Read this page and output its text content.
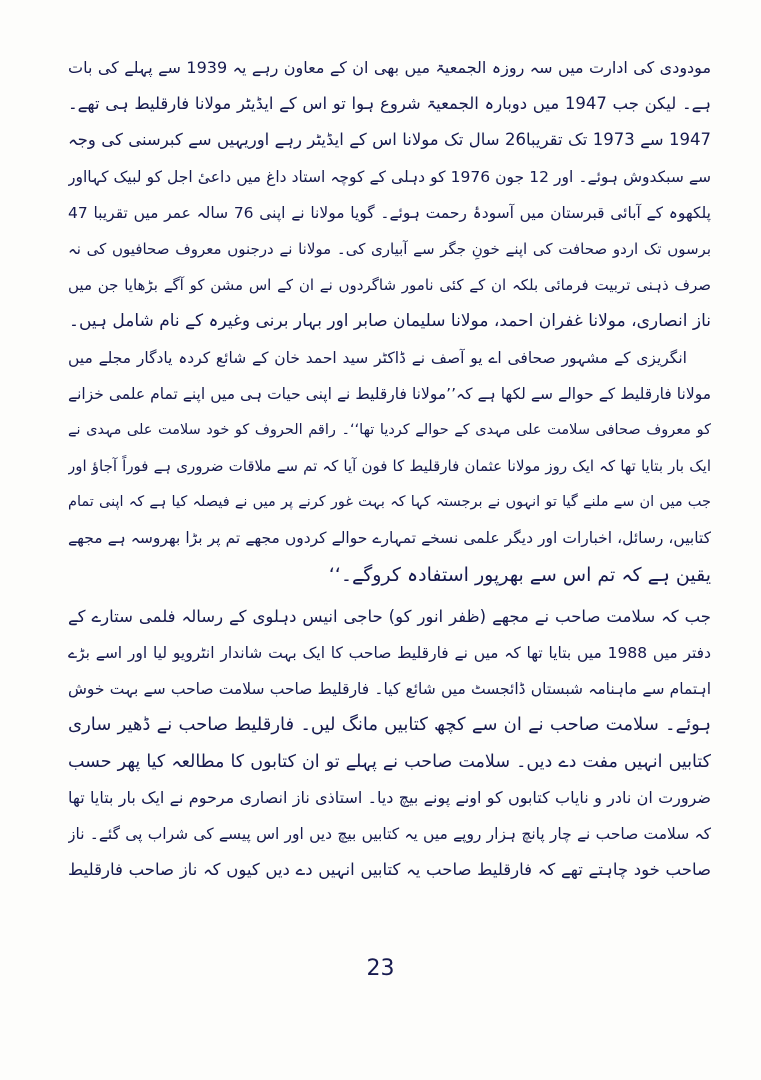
مودودی کی ادارت میں سہ روزہ الجمعیۃ میں بھی ان کے معاون رہے یہ 1939 سے پہلے کی بات
ہے۔ لیکن جب 1947 میں دوبارہ الجمعیۃ شروع ہوا تو اس کے ایڈیٹر مولانا فارقلیط ہی تھے۔
1947 سے 1973 تک تقریبا26 سال تک مولانا اس کے ایڈیٹر رہے اوریہیں سے کبرسنی کی وجہ
سے سبکدوش ہوئے۔ اور 12 جون 1976 کو دہلی کے کوچہ استاد داغ میں داعیٔ اجل کو لبیک کہااور
پلکھوہ کے آبائی قبرستان میں آسودۂ رحمت ہوئے۔ گویا مولانا نے اپنی 76 سالہ عمر میں تقریبا 47
برسوں تک اردو صحافت کی اپنے خونِ جگر سے آبیاری کی۔ مولانا نے درجنوں معروف صحافیوں کی نہ
صرف ذہنی تربیت فرمائی بلکہ ان کے کئی نامور شاگردوں نے ان کے اس مشن کو آگے بڑھایا جن میں
ناز انصاری، مولانا غفران احمد، مولانا سلیمان صابر اور بہار برنی وغیرہ کے نام شامل ہیں۔
انگریزی کے مشہور صحافی اے یو آصف نے ڈاکٹر سید احمد خان کے شائع کردہ یادگار مجلے میں
مولانا فارقلیط کے حوالے سے لکھا ہے کہ’’مولانا فارقلیط نے اپنی حیات ہی میں اپنے تمام علمی خزانے
کو معروف صحافی سلامت علی مہدی کے حوالے کردیا تھا‘‘۔ راقم الحروف کو خود سلامت علی مہدی نے
ایک بار بتایا تھا کہ ایک روز مولانا عثمان فارقلیط کا فون آیا کہ تم سے ملاقات ضروری ہے فوراً آجاؤ اور
جب میں ان سے ملنے گیا تو انہوں نے برجستہ کہا کہ بہت غور کرنے پر میں نے فیصلہ کیا ہے کہ اپنی تمام
کتابیں، رسائل، اخبارات اور دیگر علمی نسخے تمہارے حوالے کردوں مجھے تم پر بڑا بھروسہ ہے مجھے
یقین ہے کہ تم اس سے بھرپور استفادہ کروگے۔‘‘
جب کہ سلامت صاحب نے مجھے (ظفر انور کو) حاجی انیس دہلوی کے رسالہ فلمی ستارے کے
دفتر میں 1988 میں بتایا تھا کہ میں نے فارقلیط صاحب کا ایک بہت شاندار انٹرویو لیا اور اسے بڑے
اہتمام سے ماہنامہ شبستاں ڈائجسٹ میں شائع کیا۔ فارقلیط صاحب سلامت صاحب سے بہت خوش
ہوئے۔ سلامت صاحب نے ان سے کچھ کتابیں مانگ لیں۔ فارقلیط صاحب نے ڈھیر ساری
کتابیں انہیں مفت دے دیں۔ سلامت صاحب نے پہلے تو ان کتابوں کا مطالعہ کیا پھر حسب
ضرورت ان نادر و نایاب کتابوں کو اونے پونے بیچ دیا۔ استاذی ناز انصاری مرحوم نے ایک بار بتایا تھا
کہ سلامت صاحب نے چار پانچ ہزار روپے میں یہ کتابیں بیچ دیں اور اس پیسے کی شراب پی گئے۔ ناز
صاحب خود چاہتے تھے کہ فارقلیط صاحب یہ کتابیں انہیں دے دیں کیوں کہ ناز صاحب فارقلیط
23
